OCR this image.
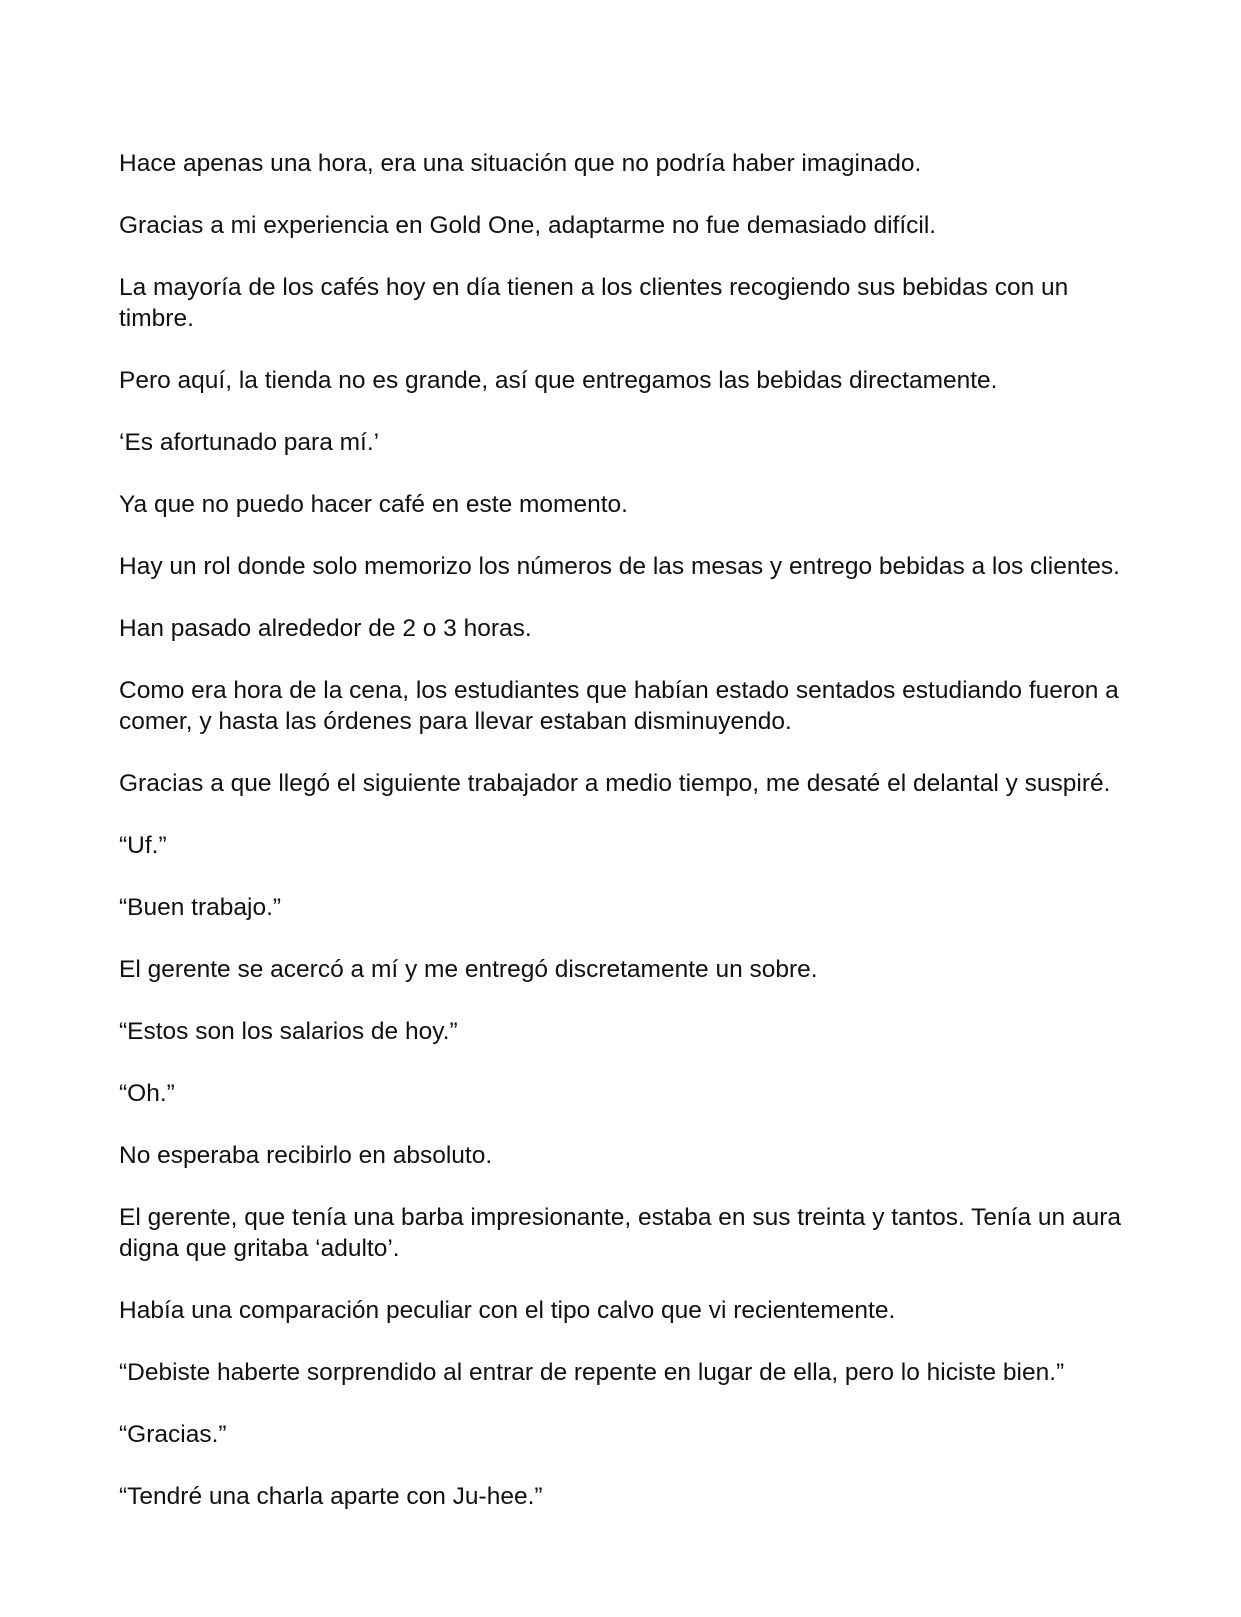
Hace apenas una hora, era una situación que no podría haber imaginado.

Gracias a mi experiencia en Gold One, adaptarme no fue demasiado difícil.

La mayoría de los cafés hoy en día tienen a los clientes recogiendo sus bebidas con un timbre.

Pero aquí, la tienda no es grande, así que entregamos las bebidas directamente.

‘Es afortunado para mí.’

Ya que no puedo hacer café en este momento.

Hay un rol donde solo memorizo los números de las mesas y entrego bebidas a los clientes.

Han pasado alrededor de 2 o 3 horas.

Como era hora de la cena, los estudiantes que habían estado sentados estudiando fueron a comer, y hasta las órdenes para llevar estaban disminuyendo.

Gracias a que llegó el siguiente trabajador a medio tiempo, me desaté el delantal y suspiré.

“Uf.”

“Buen trabajo.”

El gerente se acercó a mí y me entregó discretamente un sobre.

“Estos son los salarios de hoy.”

“Oh.”

No esperaba recibirlo en absoluto.

El gerente, que tenía una barba impresionante, estaba en sus treinta y tantos. Tenía un aura digna que gritaba ‘adulto’.

Había una comparación peculiar con el tipo calvo que vi recientemente.

“Debiste haberte sorprendido al entrar de repente en lugar de ella, pero lo hiciste bien.”

“Gracias.”

“Tendré una charla aparte con Ju-hee.”
